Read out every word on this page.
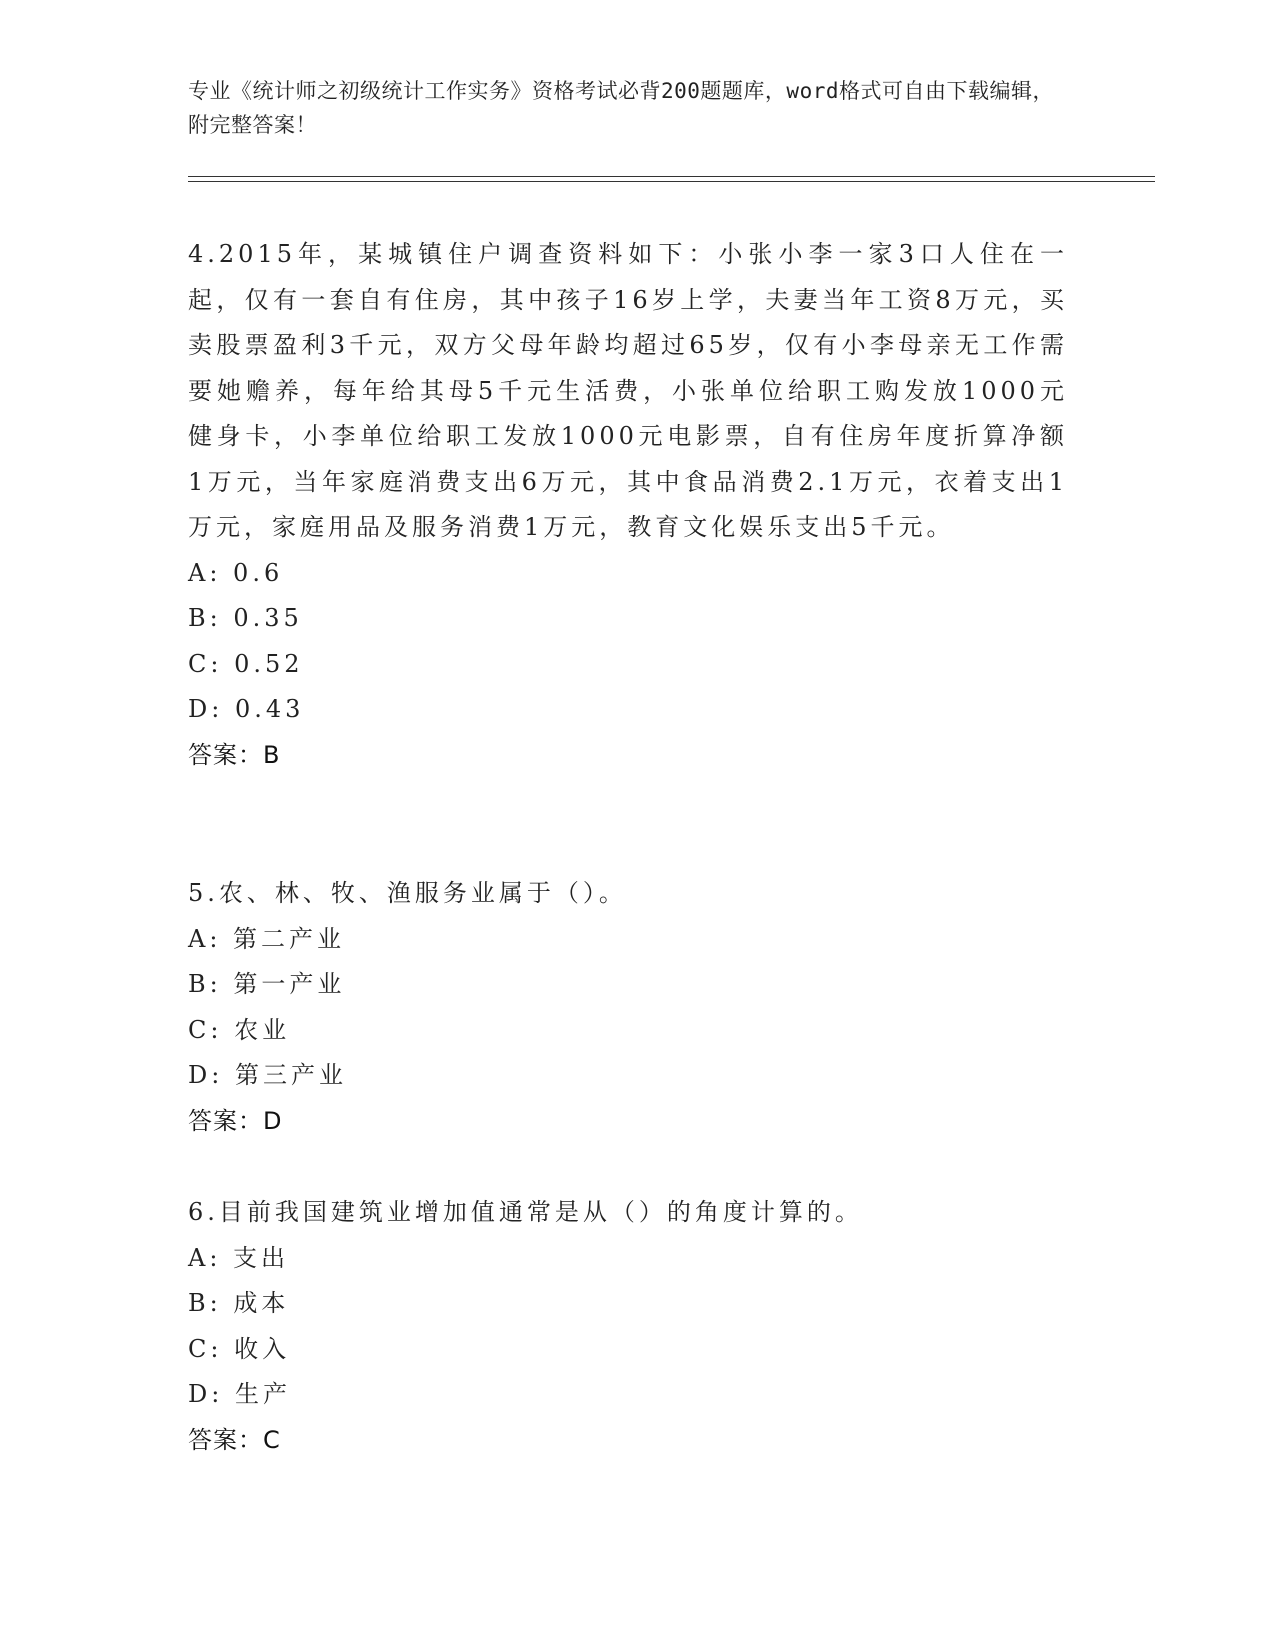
专业《统计师之初级统计工作实务》资格考试必背200题题库，word格式可自由下载编辑，附完整答案！

4.2015年，某城镇住户调查资料如下：小张小李一家3口人住在一起，仅有一套自有住房，其中孩子16岁上学，夫妻当年工资8万元，买卖股票盈利3千元，双方父母年龄均超过65岁，仅有小李母亲无工作需要她赡养，每年给其母5千元生活费，小张单位给职工购发放1000元健身卡，小李单位给职工发放1000元电影票，自有住房年度折算净额1万元，当年家庭消费支出6万元，其中食品消费2.1万元，衣着支出1万元，家庭用品及服务消费1万元，教育文化娱乐支出5千元。

A: 0.6

B: 0.35

C: 0.52

D: 0.43

答案：B

5.农、林、牧、渔服务业属于（）。

A: 第二产业

B: 第一产业

C: 农业

D: 第三产业

答案：D

6.目前我国建筑业增加值通常是从（）的角度计算的。

A: 支出

B: 成本

C: 收入

D: 生产

答案：C
